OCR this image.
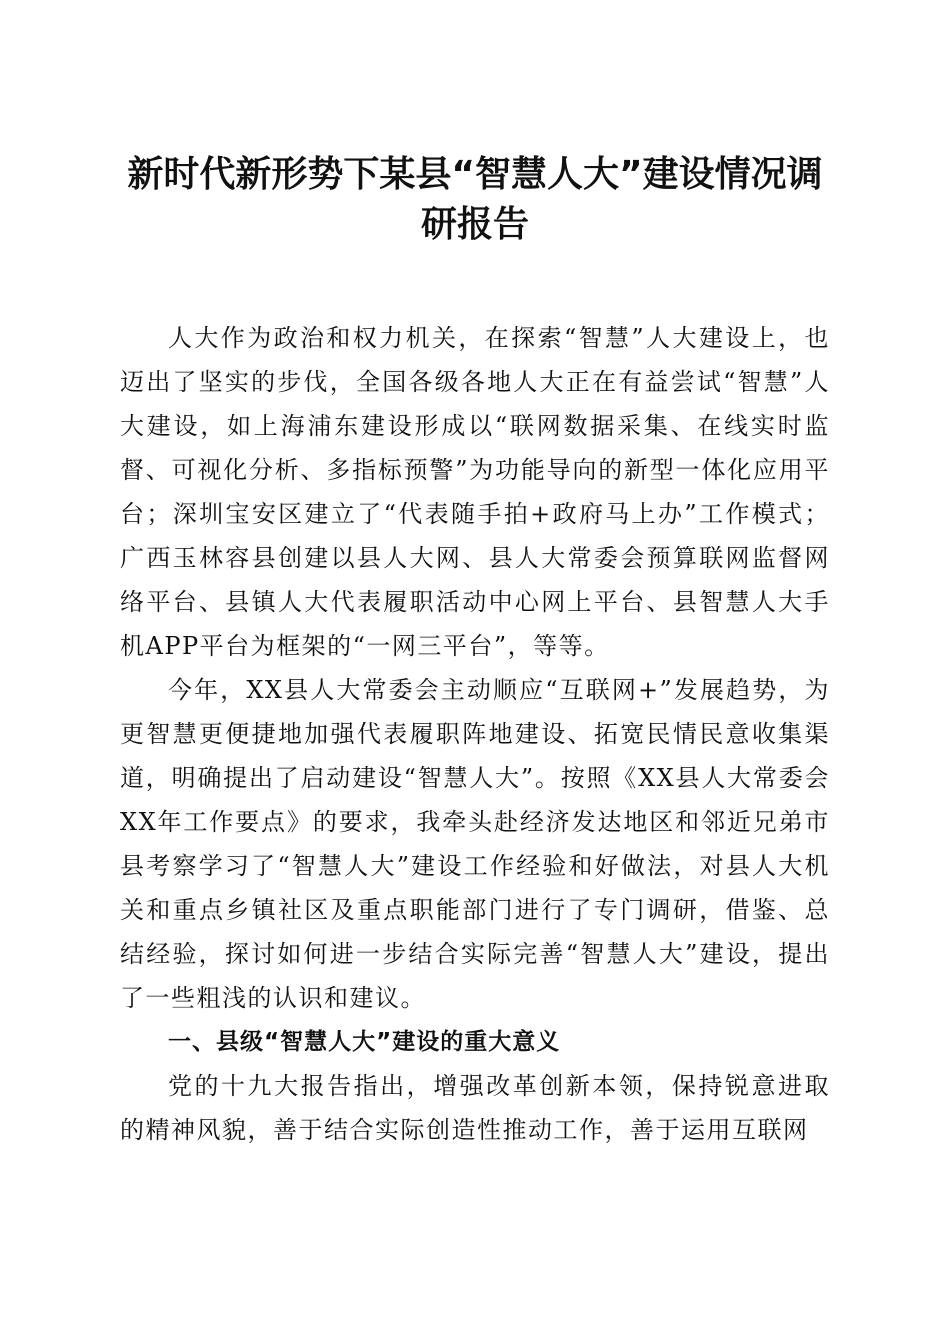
新时代新形势下某县“智慧人大”建设情况调研报告

人大作为政治和权力机关，在探索“智慧”人大建设上，也迈出了坚实的步伐，全国各级各地人大正在有益尝试“智慧”人大建设，如上海浦东建设形成以“联网数据采集、在线实时监督、可视化分析、多指标预警”为功能导向的新型一体化应用平台；深圳宝安区建立了“代表随手拍+政府马上办”工作模式；广西玉林容县创建以县人大网、县人大常委会预算联网监督网络平台、县镇人大代表履职活动中心网上平台、县智慧人大手机APP平台为框架的“一网三平台”，等等。

今年，XX县人大常委会主动顺应“互联网+”发展趋势，为更智慧更便捷地加强代表履职阵地建设、拓宽民情民意收集渠道，明确提出了启动建设“智慧人大”。按照《XX县人大常委会XX年工作要点》的要求，我牵头赴经济发达地区和邻近兄弟市县考察学习了“智慧人大”建设工作经验和好做法，对县人大机关和重点乡镇社区及重点职能部门进行了专门调研，借鉴、总结经验，探讨如何进一步结合实际完善“智慧人大”建设，提出了一些粗浅的认识和建议。

一、县级“智慧人大”建设的重大意义

党的十九大报告指出，增强改革创新本领，保持锐意进取的精神风貌，善于结合实际创造性推动工作，善于运用互联网
